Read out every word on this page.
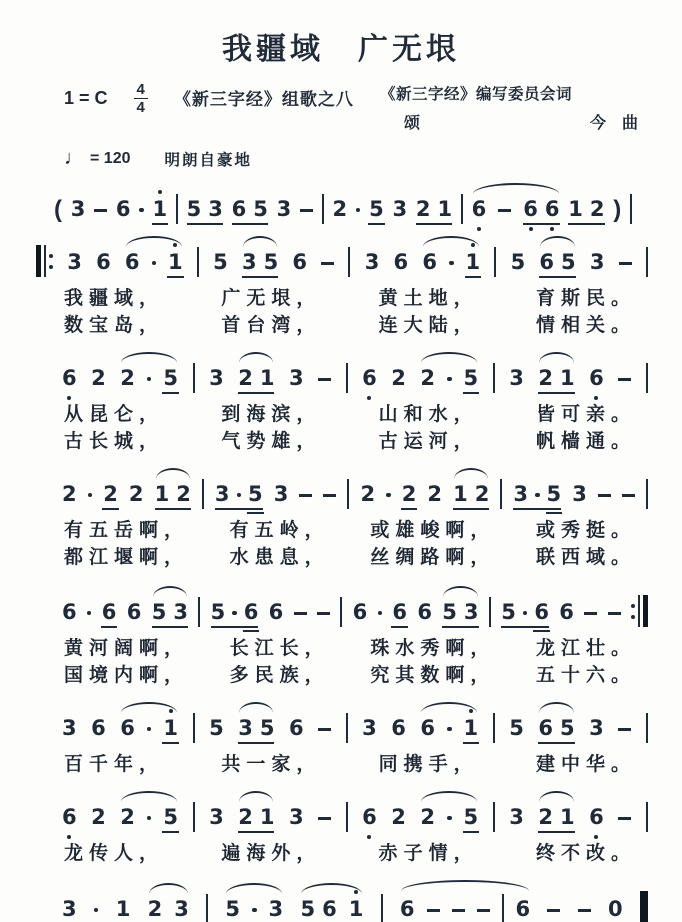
我疆域　广无垠
1 = C $\frac{4}{4}$	《新三字经》组歌之八	《新三字经》编写委员会词
颂	今　曲
♩ = 120 明朗自豪地
( 3 6 1 5 3 6 5 3 2 5 3 2 1 6 6 6 1 2 )
3 6 6 1 5 3 5 6	3 6 6 1 5 6 5 3
我疆域，	广无垠，	黄土地，	育斯民。
数宝岛，	首台湾，	连大陆，	情相关。
6 2 2 5 3 2 1 3	6 2 2 5 3 2 1 6
从昆仑，	到海滨，	山和水，	皆可亲。
古长城，	气势雄，	古运河，	帆樯通。
2 2 2 1 2 3 5 3	2 2 2 1 2 3 5 3
有五岳啊， 有五岭， 或雄峻啊， 或秀挺。
都江堰啊， 水患息， 丝绸路啊， 联西域。
6 6 6 5 3 5 6 6	6 6 6 5 3 5 6 6
黄河阔啊， 长江长， 珠水秀啊， 龙江壮。
国境内啊， 多民族， 究其数啊， 五十六。
3 6 6 1 5 3 5 6	3 6 6 1 5 6 5 3
百千年，	共一家，	同携手，	建中华。
6 2 2 5 3 2 1 3	6 2 2 5 3 2 1 6
龙传人，	遍海外，	赤子情，	终不改。
3 1 2 3 5 3 5 6 1 6	6	0
